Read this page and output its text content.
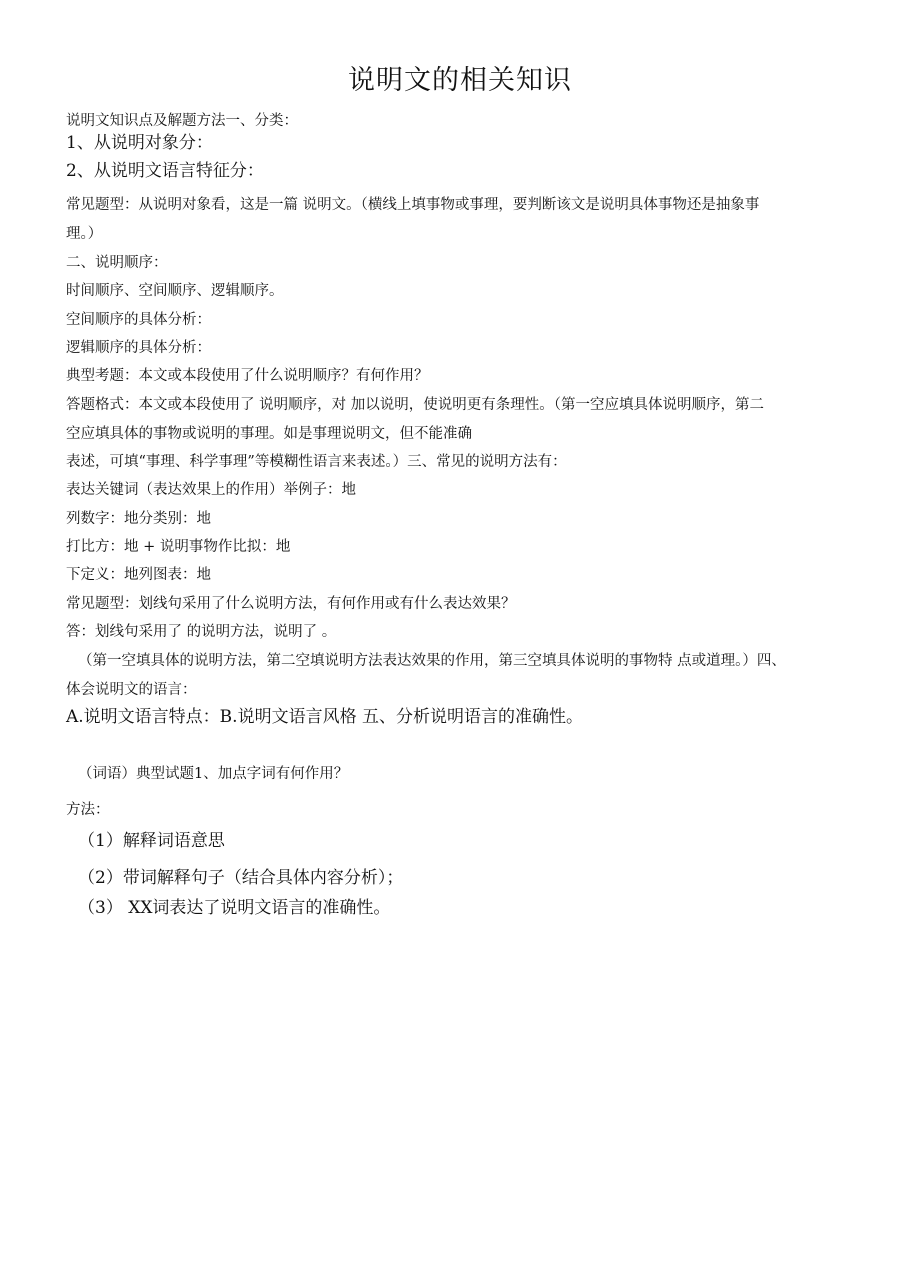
说明文的相关知识
说明文知识点及解题方法一、分类：
1、从说明对象分：
2、从说明文语言特征分：
常见题型：从说明对象看，这是一篇 说明文。（横线上填事物或事理，要判断该文是说明具体事物还是抽象事
理。）
二、说明顺序：
时间顺序、空间顺序、逻辑顺序。
空间顺序的具体分析：
逻辑顺序的具体分析：
典型考题：本文或本段使用了什么说明顺序？有何作用？
答题格式：本文或本段使用了 说明顺序，对 加以说明，使说明更有条理性。（第一空应填具体说明顺序，第二
空应填具体的事物或说明的事理。如是事理说明文，但不能准确
表述，可填“事理、科学事理”等模糊性语言来表述。）三、常见的说明方法有：
表达关键词（表达效果上的作用）举例子：地
列数字：地分类别：地
打比方：地 + 说明事物作比拟：地
下定义：地列图表：地
常见题型：划线句采用了什么说明方法，有何作用或有什么表达效果？
答：划线句采用了 的说明方法，说明了 。
（第一空填具体的说明方法，第二空填说明方法表达效果的作用，第三空填具体说明的事物特 点或道理。）四、
体会说明文的语言：
A.说明文语言特点：B.说明文语言风格 五、分析说明语言的准确性。
（词语）典型试题1、加点字词有何作用？
方法：
（1）解释词语意思
（2）带词解释句子（结合具体内容分析）；
（3） XX词表达了说明文语言的准确性。
